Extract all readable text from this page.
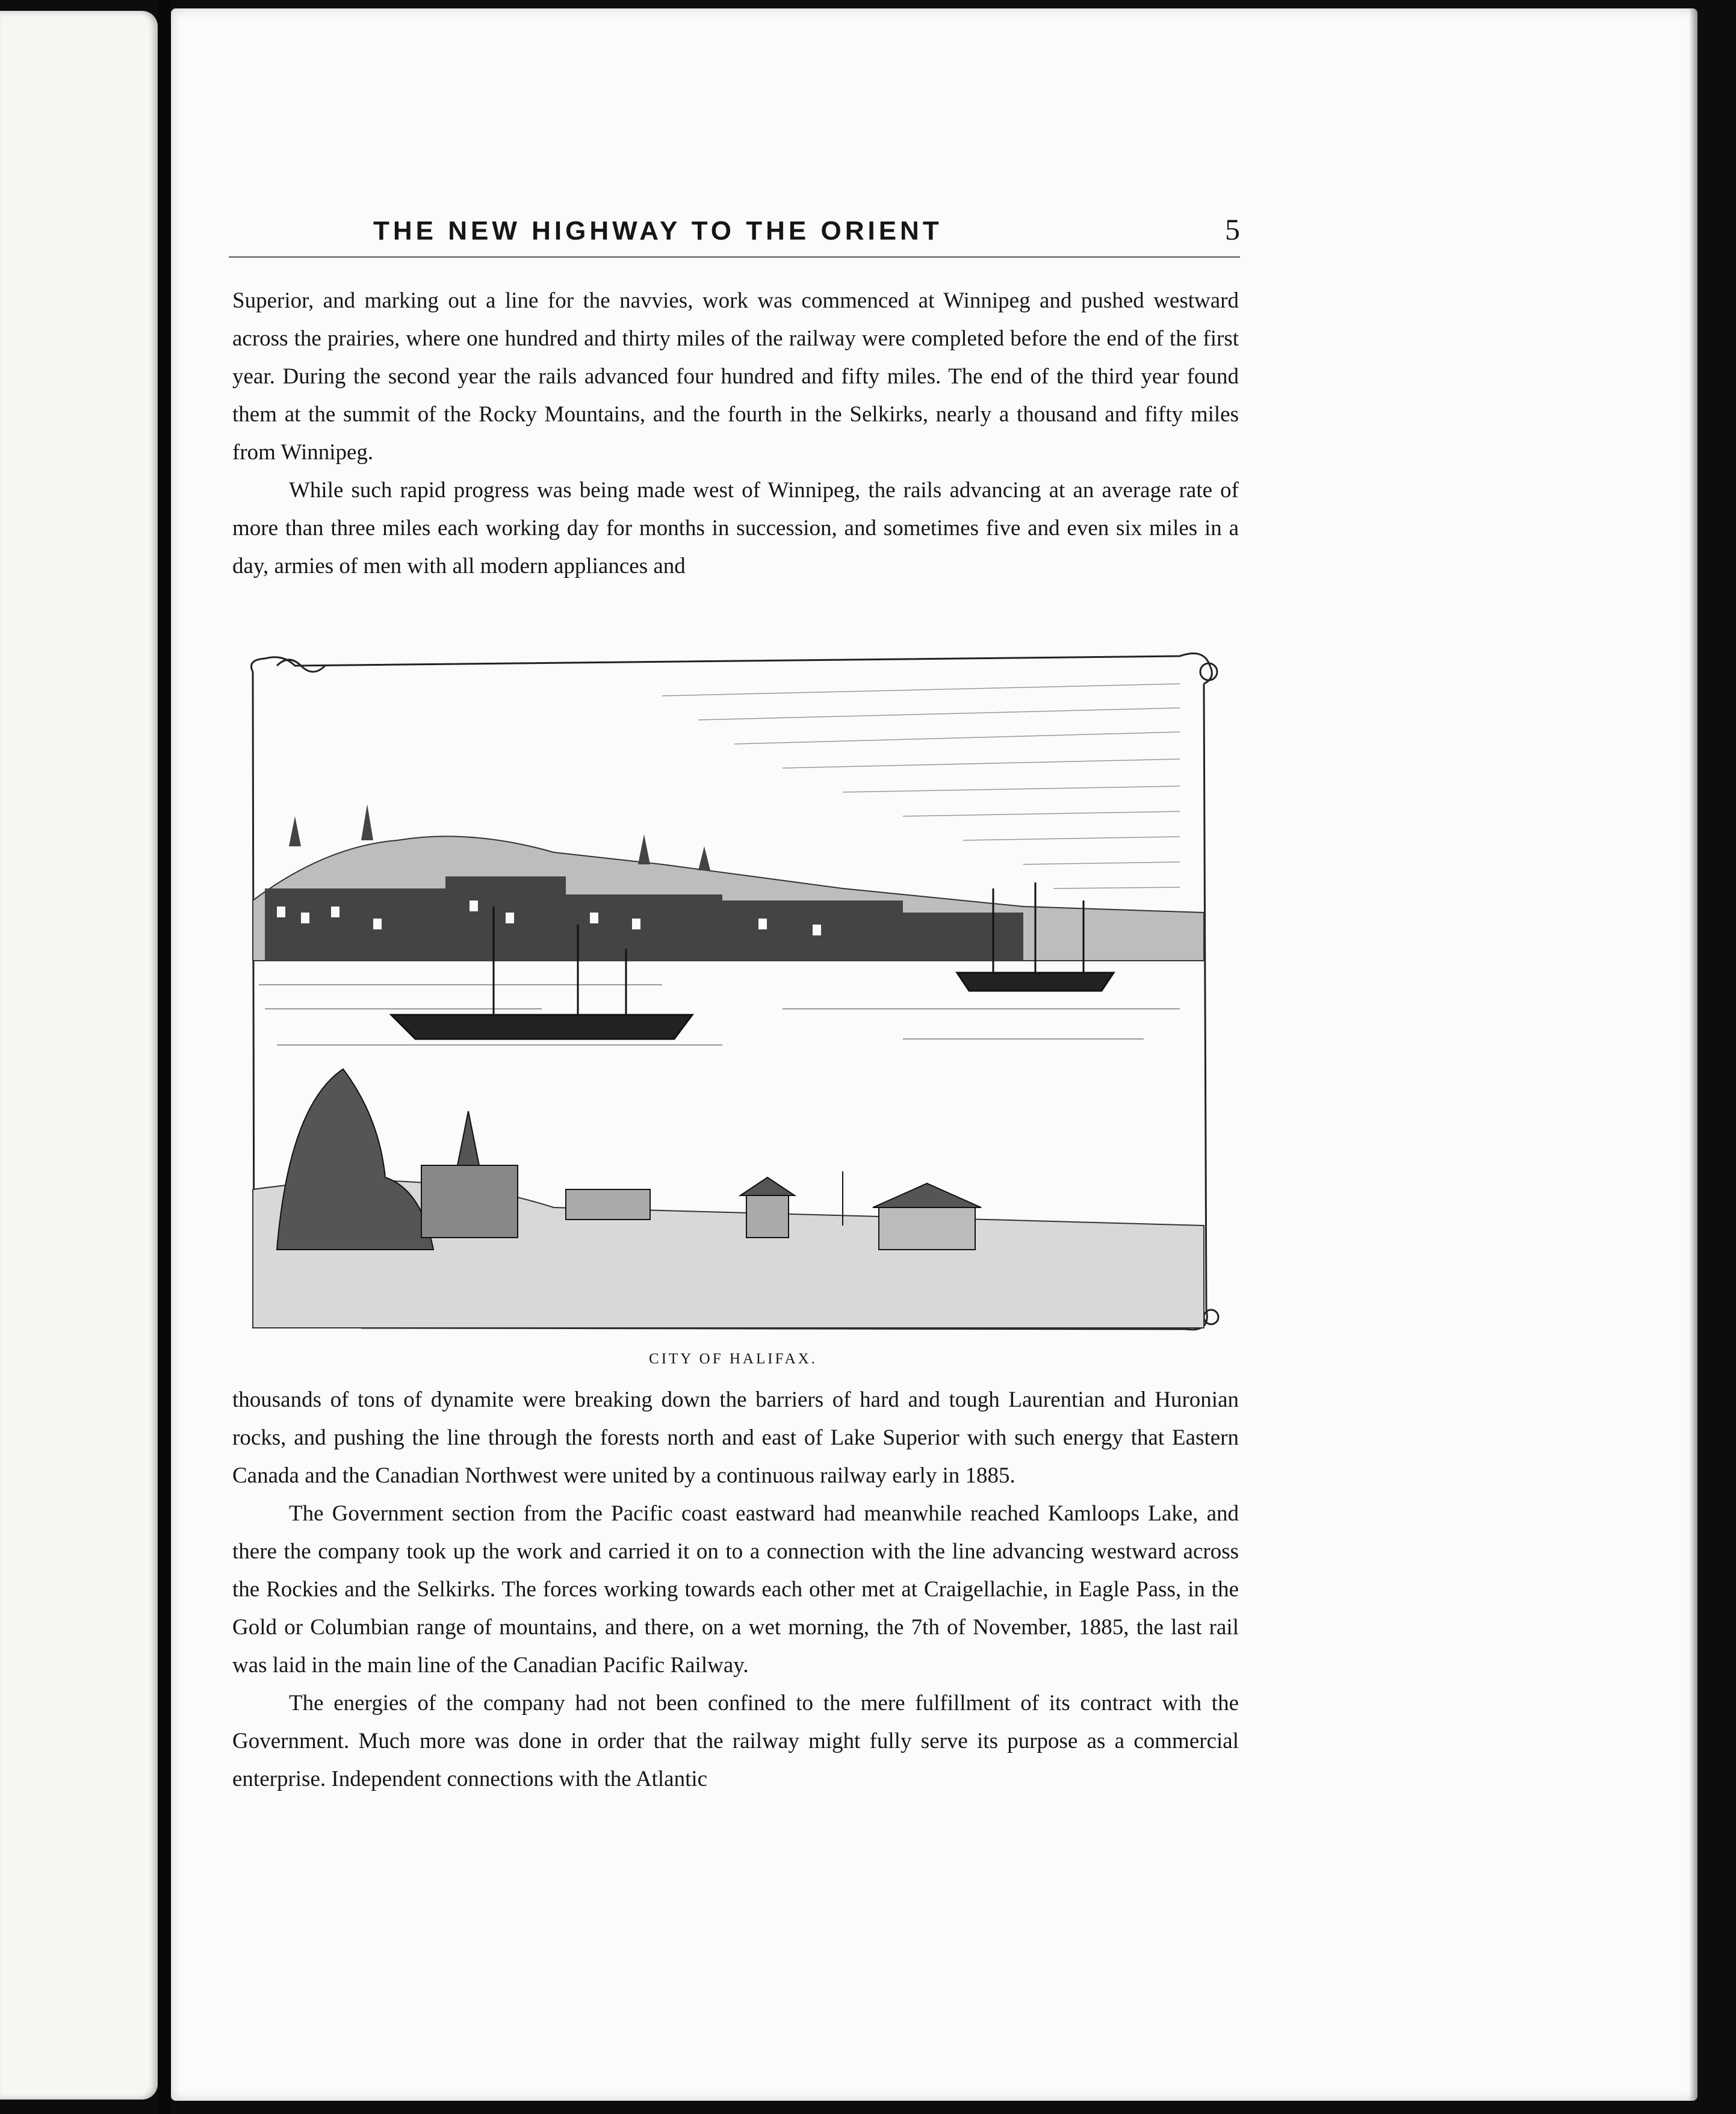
THE NEW HIGHWAY TO THE ORIENT	5

Superior, and marking out a line for the navvies, work was commenced at Winnipeg and pushed westward across the prairies, where one hundred and thirty miles of the railway were completed before the end of the first year. During the second year the rails advanced four hundred and fifty miles. The end of the third year found them at the summit of the Rocky Mountains, and the fourth in the Selkirks, nearly a thousand and fifty miles from Winnipeg.

While such rapid progress was being made west of Winnipeg, the rails advancing at an average rate of more than three miles each working day for months in succession, and sometimes five and even six miles in a day, armies of men with all modern appliances and

CITY OF HALIFAX.

thousands of tons of dynamite were breaking down the barriers of hard and tough Laurentian and Huronian rocks, and pushing the line through the forests north and east of Lake Superior with such energy that Eastern Canada and the Canadian Northwest were united by a continuous railway early in 1885.

The Government section from the Pacific coast eastward had meanwhile reached Kamloops Lake, and there the company took up the work and carried it on to a connection with the line advancing westward across the Rockies and the Selkirks. The forces working towards each other met at Craigellachie, in Eagle Pass, in the Gold or Columbian range of mountains, and there, on a wet morning, the 7th of November, 1885, the last rail was laid in the main line of the Canadian Pacific Railway.

The energies of the company had not been confined to the mere fulfillment of its contract with the Government. Much more was done in order that the railway might fully serve its purpose as a commercial enterprise. Independent connections with the Atlantic
